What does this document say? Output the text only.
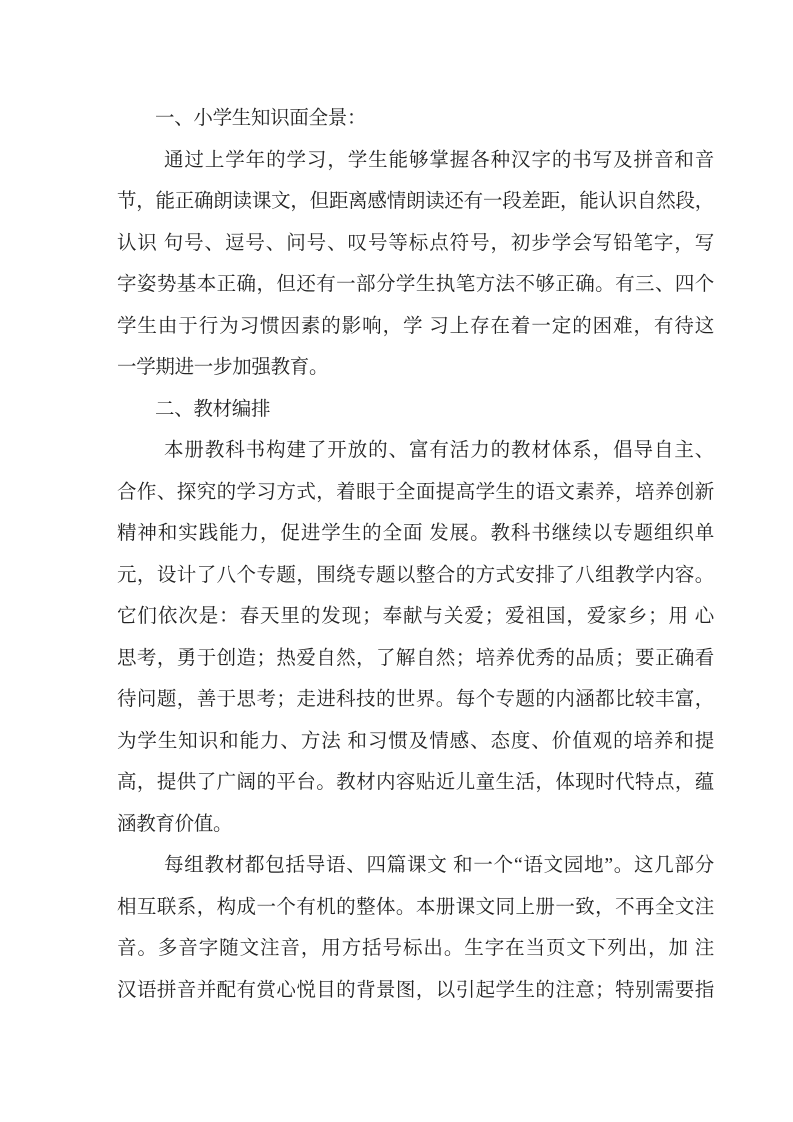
一、小学生知识面全景：
通过上学年的学习，学生能够掌握各种汉字的书写及拼音和音
节，能正确朗读课文，但距离感情朗读还有一段差距，能认识自然段，
认识 句号、逗号、问号、叹号等标点符号，初步学会写铅笔字，写
字姿势基本正确，但还有一部分学生执笔方法不够正确。有三、四个
学生由于行为习惯因素的影响，学 习上存在着一定的困难，有待这
一学期进一步加强教育。
二、教材编排
本册教科书构建了开放的、富有活力的教材体系，倡导自主、
合作、探究的学习方式，着眼于全面提高学生的语文素养，培养创新
精神和实践能力，促进学生的全面 发展。教科书继续以专题组织单
元，设计了八个专题，围绕专题以整合的方式安排了八组教学内容。
它们依次是：春天里的发现；奉献与关爱；爱祖国，爱家乡；用 心
思考，勇于创造；热爱自然，了解自然；培养优秀的品质；要正确看
待问题，善于思考；走进科技的世界。每个专题的内涵都比较丰富，
为学生知识和能力、方法 和习惯及情感、态度、价值观的培养和提
高，提供了广阔的平台。教材内容贴近儿童生活，体现时代特点，蕴
涵教育价值。
每组教材都包括导语、四篇课文 和一个“语文园地”。这几部分
相互联系，构成一个有机的整体。本册课文同上册一致，不再全文注
音。多音字随文注音，用方括号标出。生字在当页文下列出，加 注
汉语拼音并配有赏心悦目的背景图，以引起学生的注意；特别需要指
